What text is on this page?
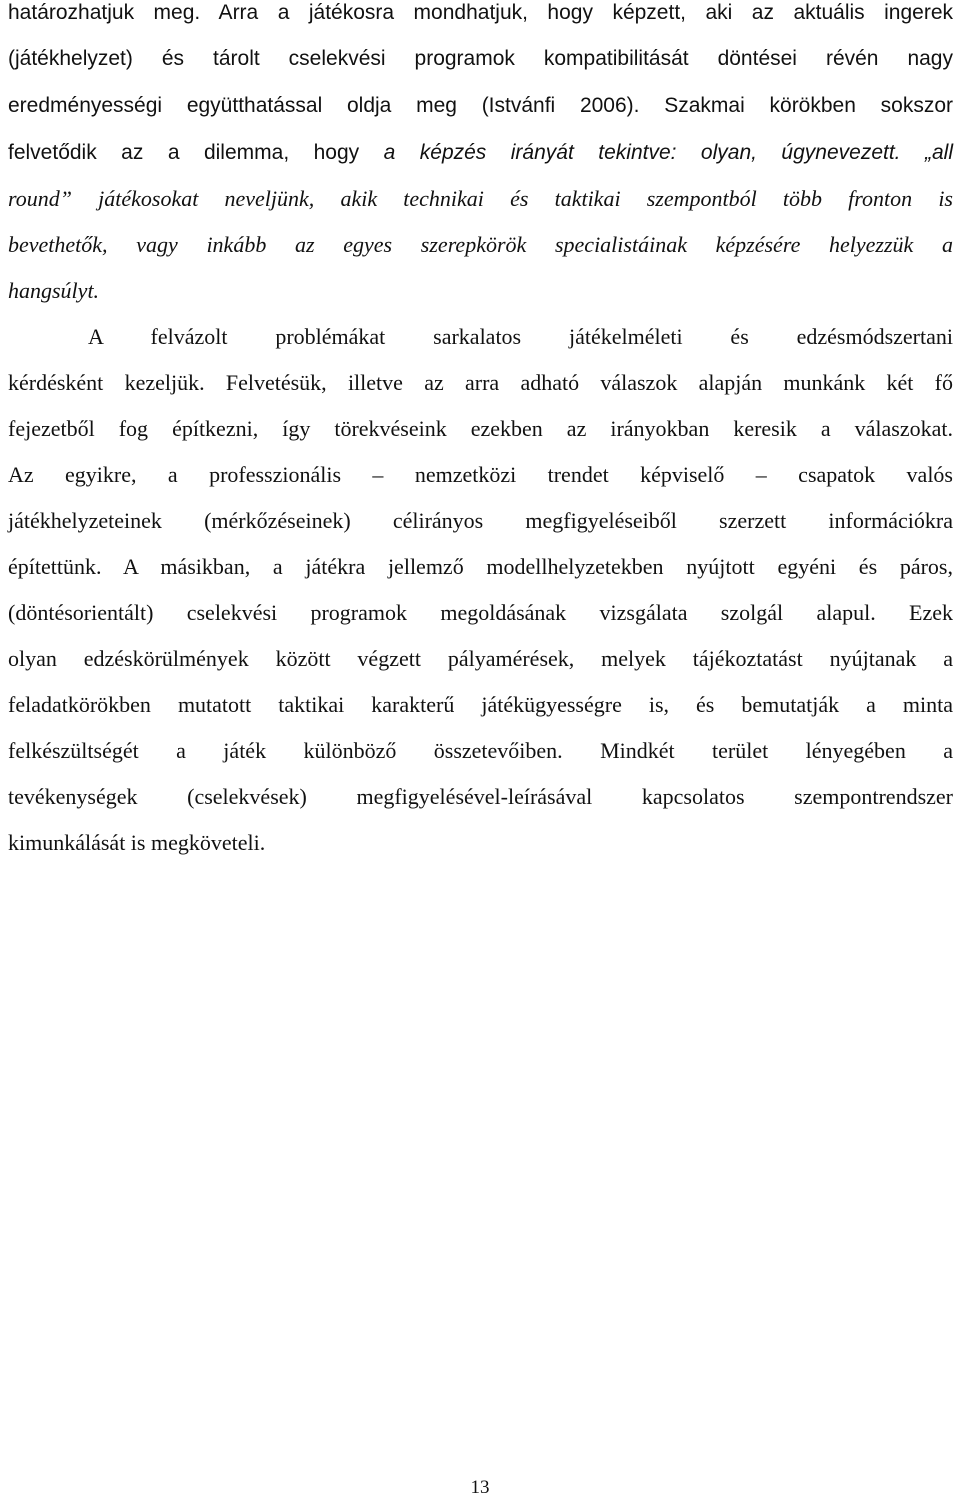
határozhatjuk meg. Arra a játékosra mondhatjuk, hogy képzett, aki az aktuális ingerek
(játékhelyzet) és tárolt cselekvési programok kompatibilitását döntései révén nagy
eredményességi együtthatással oldja meg (Istvánfi 2006). Szakmai körökben sokszor
felvetődik az a dilemma, hogy a képzés irányát tekintve: olyan, úgynevezett. „all
round” játékosokat neveljünk, akik technikai és taktikai szempontból több fronton is
bevethetők, vagy inkább az egyes szerepkörök specialistáinak képzésére helyezzük a
hangsúlyt.

A felvázolt problémákat sarkalatos játékelméleti és edzésmódszertani
kérdésként kezeljük. Felvetésük, illetve az arra adható válaszok alapján munkánk két fő
fejezetből fog építkezni, így törekvéseink ezekben az irányokban keresik a válaszokat.
Az egyikre, a professzionális – nemzetközi trendet képviselő – csapatok valós
játékhelyzeteinek (mérkőzéseinek) célirányos megfigyeléseiből szerzett információkra
építettünk. A másikban, a játékra jellemző modellhelyzetekben nyújtott egyéni és páros,
(döntésorientált) cselekvési programok megoldásának vizsgálata szolgál alapul. Ezek
olyan edzéskörülmények között végzett pályamérések, melyek tájékoztatást nyújtanak a
feladatkörökben mutatott taktikai karakterű játékügyességre is, és bemutatják a minta
felkészültségét a játék különböző összetevőiben. Mindkét terület lényegében a
tevékenységek (cselekvések) megfigyelésével-leírásával kapcsolatos szempontrendszer
kimunkálását is megköveteli.

13
